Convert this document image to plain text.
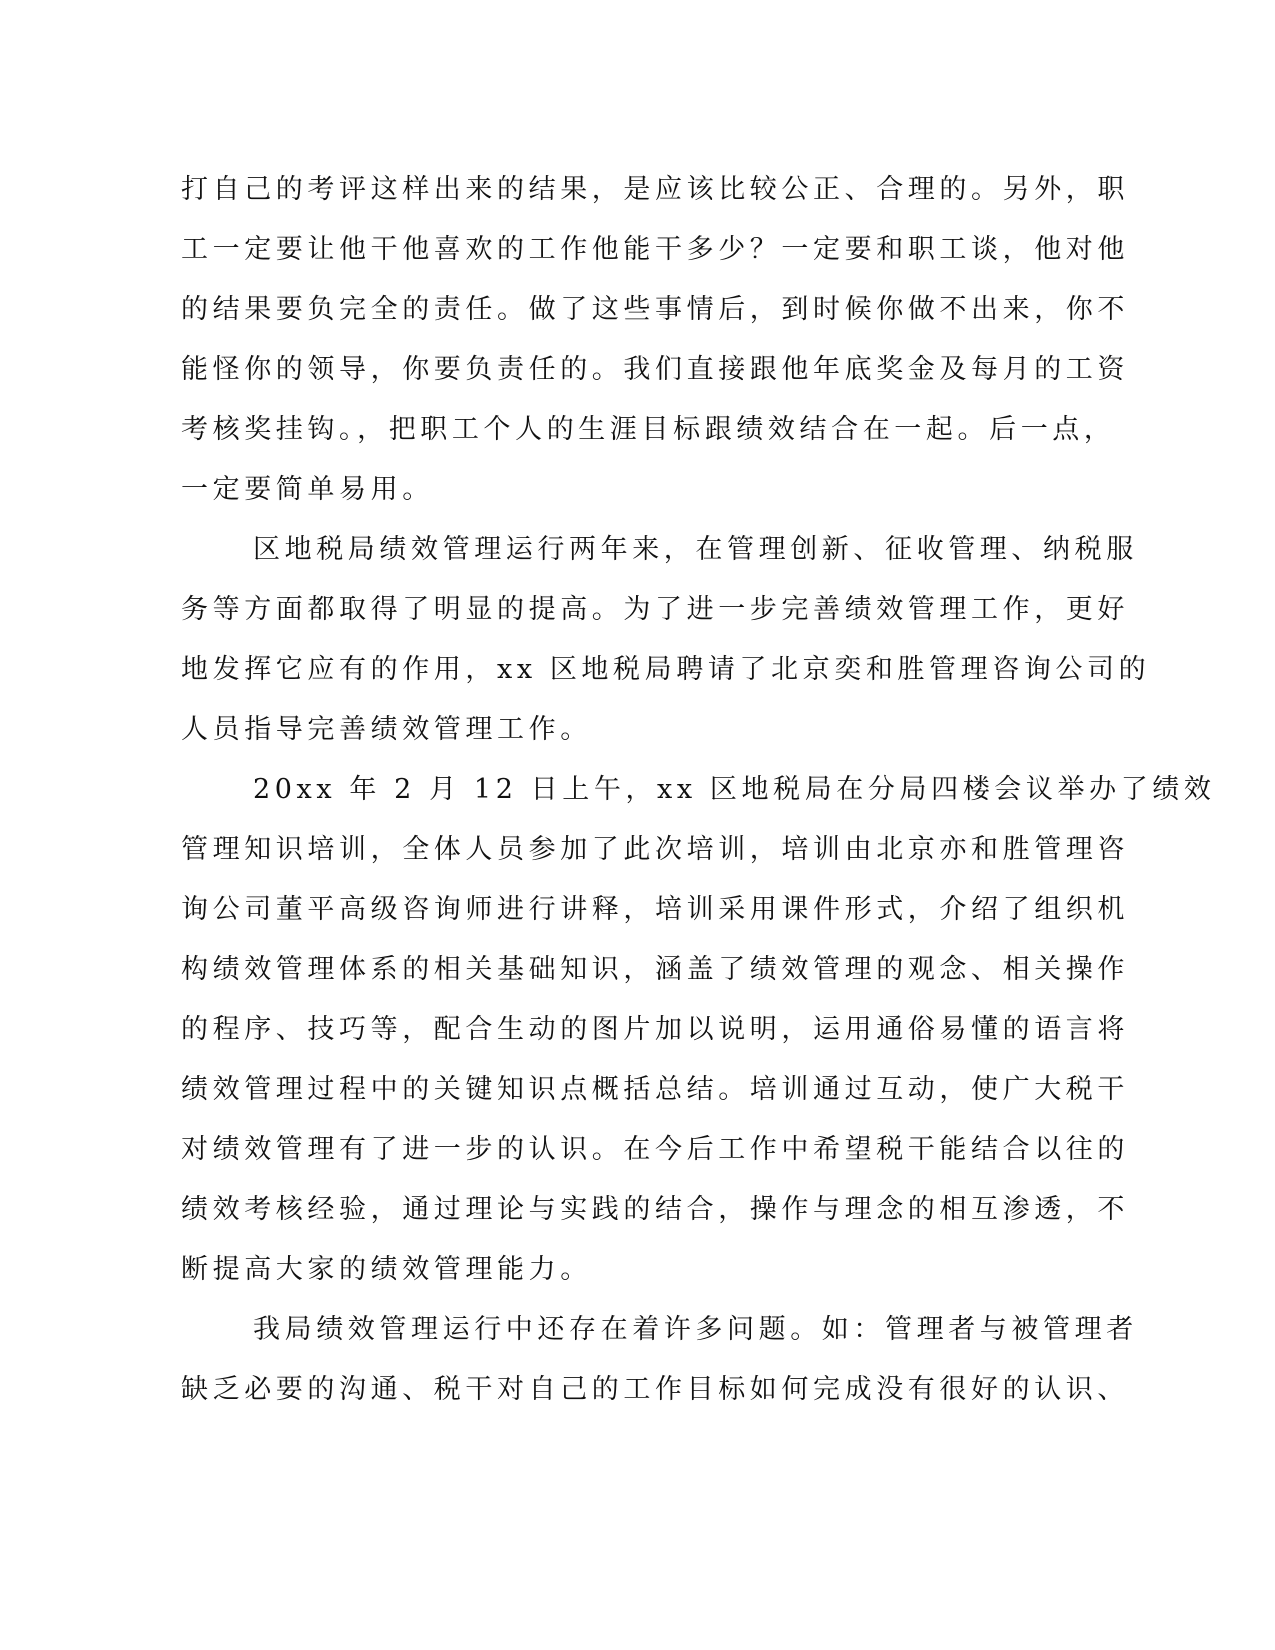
打自己的考评这样出来的结果，是应该比较公正、合理的。另外，职
工一定要让他干他喜欢的工作他能干多少？一定要和职工谈，他对他
的结果要负完全的责任。做了这些事情后，到时候你做不出来，你不
能怪你的领导，你要负责任的。我们直接跟他年底奖金及每月的工资
考核奖挂钩。，把职工个人的生涯目标跟绩效结合在一起。后一点，
一定要简单易用。
区地税局绩效管理运行两年来，在管理创新、征收管理、纳税服
务等方面都取得了明显的提高。为了进一步完善绩效管理工作，更好
地发挥它应有的作用，xx 区地税局聘请了北京奕和胜管理咨询公司的
人员指导完善绩效管理工作。
20xx 年 2 月 12 日上午，xx 区地税局在分局四楼会议举办了绩效
管理知识培训，全体人员参加了此次培训，培训由北京亦和胜管理咨
询公司董平高级咨询师进行讲释，培训采用课件形式，介绍了组织机
构绩效管理体系的相关基础知识，涵盖了绩效管理的观念、相关操作
的程序、技巧等，配合生动的图片加以说明，运用通俗易懂的语言将
绩效管理过程中的关键知识点概括总结。培训通过互动，使广大税干
对绩效管理有了进一步的认识。在今后工作中希望税干能结合以往的
绩效考核经验，通过理论与实践的结合，操作与理念的相互渗透，不
断提高大家的绩效管理能力。
我局绩效管理运行中还存在着许多问题。如：管理者与被管理者
缺乏必要的沟通、税干对自己的工作目标如何完成没有很好的认识、
